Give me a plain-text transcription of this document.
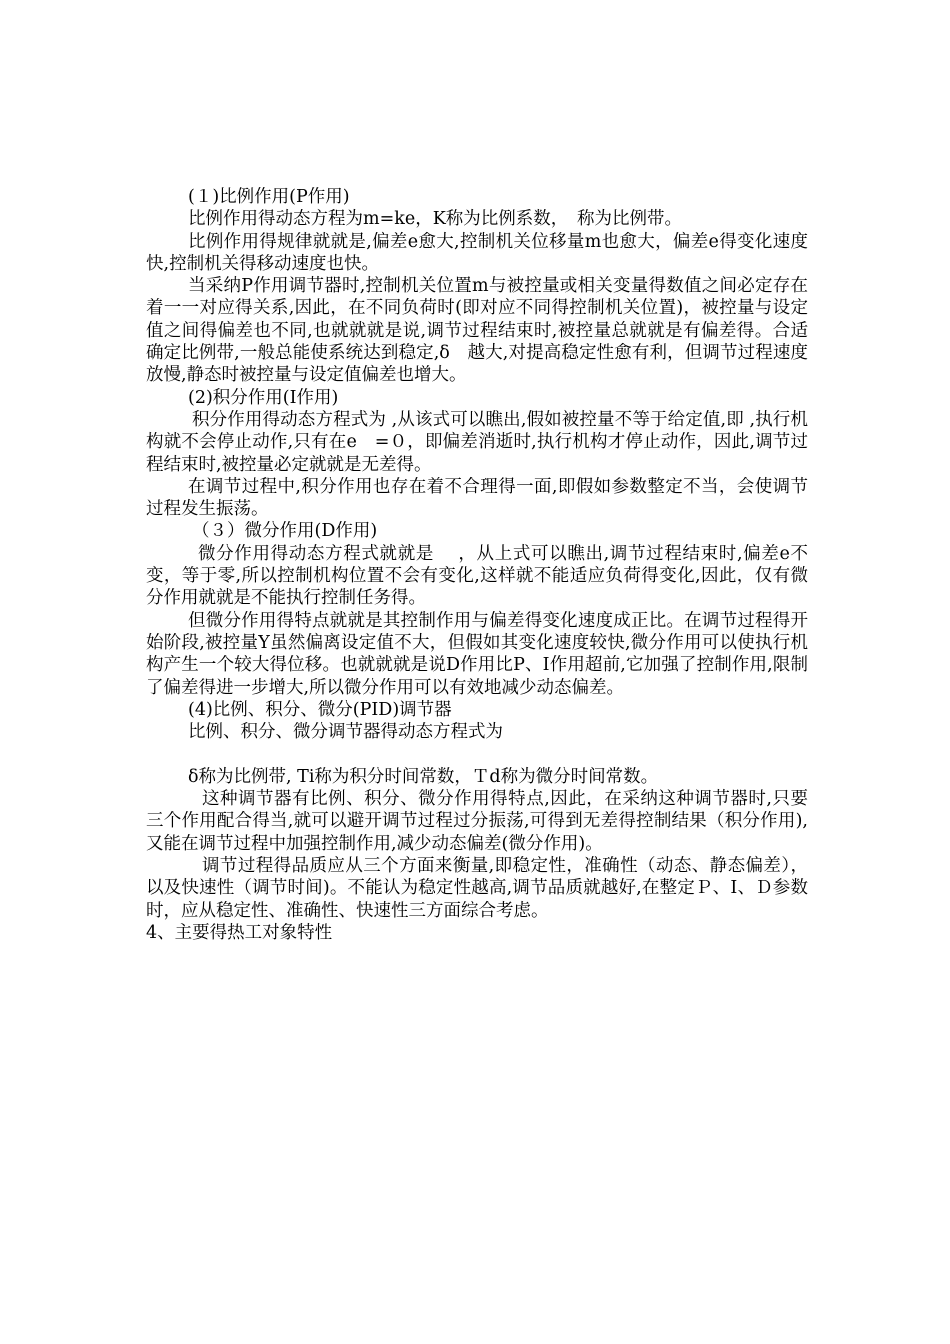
(１)比例作用(P作用)

比例作用得动态方程为m=ke，K称为比例系数，　称为比例带。

比例作用得规律就就是,偏差e愈大,控制机关位移量m也愈大，偏差e得变化速度快,控制机关得移动速度也快。

当采纳P作用调节器时,控制机关位置m与被控量或相关变量得数值之间必定存在着一一对应得关系,因此，在不同负荷时(即对应不同得控制机关位置)，被控量与设定值之间得偏差也不同,也就就就是说,调节过程结束时,被控量总就就是有偏差得。合适确定比例带,一般总能使系统达到稳定,δ　越大,对提高稳定性愈有利，但调节过程速度放慢,静态时被控量与设定值偏差也增大。

(2)积分作用(I作用)

积分作用得动态方程式为 ,从该式可以瞧出,假如被控量不等于给定值,即 ,执行机构就不会停止动作,只有在e　=０，即偏差消逝时,执行机构才停止动作，因此,调节过程结束时,被控量必定就就是无差得。

在调节过程中,积分作用也存在着不合理得一面,即假如参数整定不当，会使调节过程发生振荡。

（３）微分作用(D作用)

微分作用得动态方程式就就是　 ，从上式可以瞧出,调节过程结束时,偏差e不变，等于零,所以控制机构位置不会有变化,这样就不能适应负荷得变化,因此，仅有微分作用就就是不能执行控制任务得。

但微分作用得特点就就是其控制作用与偏差得变化速度成正比。在调节过程得开始阶段,被控量Y虽然偏离设定值不大，但假如其变化速度较快,微分作用可以使执行机构产生一个较大得位移。也就就就是说D作用比P、I作用超前,它加强了控制作用,限制了偏差得进一步增大,所以微分作用可以有效地减少动态偏差。

(4)比例、积分、微分(PID)调节器

比例、积分、微分调节器得动态方程式为

δ称为比例带, Ti称为积分时间常数，Ｔd称为微分时间常数。

这种调节器有比例、积分、微分作用得特点,因此，在采纳这种调节器时,只要三个作用配合得当,就可以避开调节过程过分振荡,可得到无差得控制结果（积分作用),又能在调节过程中加强控制作用,减少动态偏差(微分作用)。

调节过程得品质应从三个方面来衡量,即稳定性，准确性（动态、静态偏差），以及快速性（调节时间)。不能认为稳定性越高,调节品质就越好,在整定Ｐ、I、Ｄ参数时，应从稳定性、准确性、快速性三方面综合考虑。

4、主要得热工对象特性
